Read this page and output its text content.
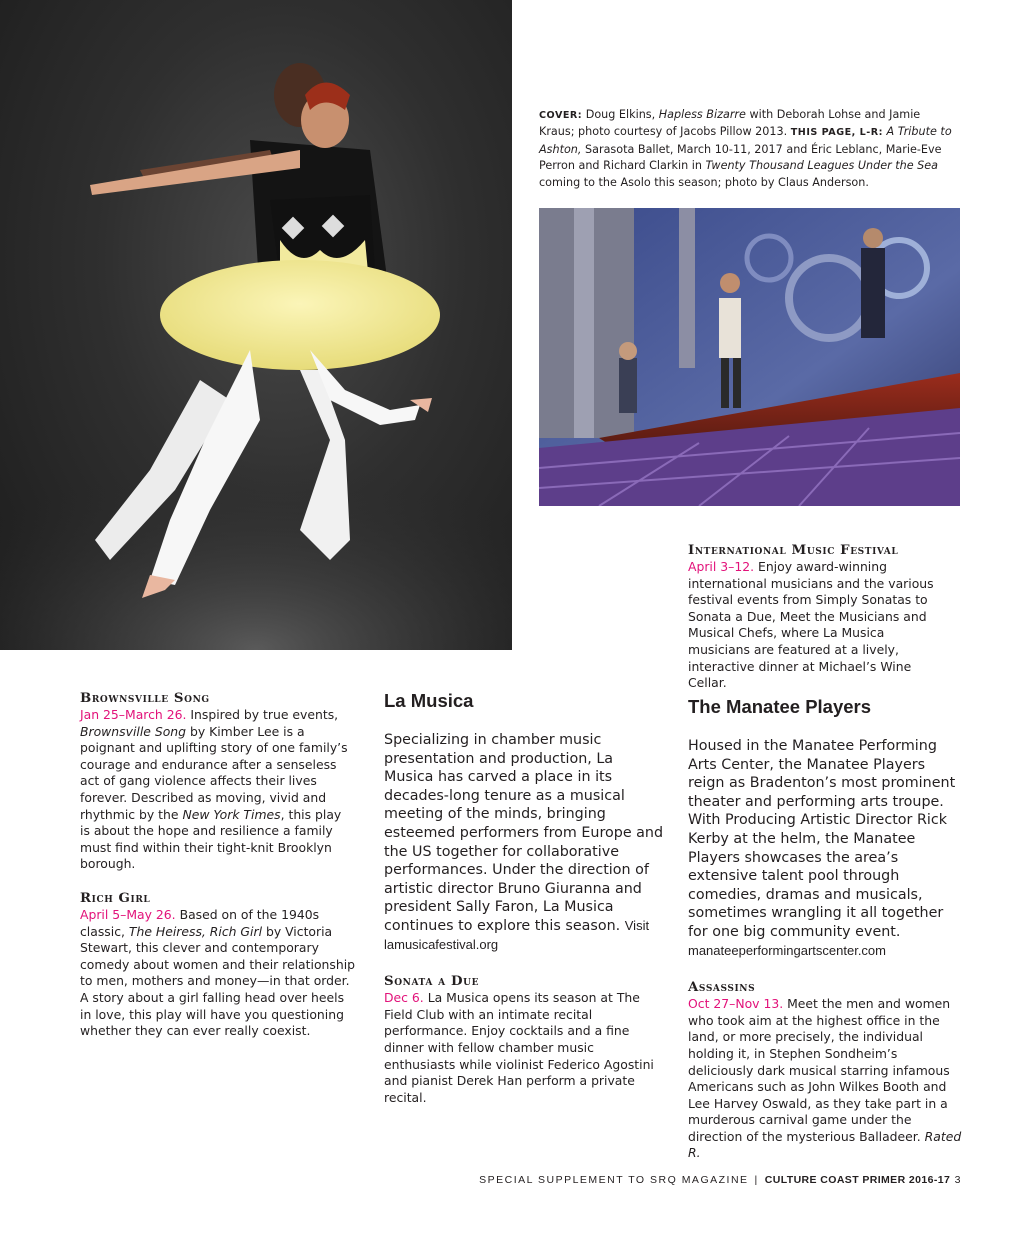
COVER: Doug Elkins, Hapless Bizarre with Deborah Lohse and Jamie Kraus; photo courtesy of Jacobs Pillow 2013. THIS PAGE, L-R: A Tribute to Ashton, Sarasota Ballet, March 10-11, 2017 and Éric Leblanc, Marie-Eve Perron and Richard Clarkin in Twenty Thousand Leagues Under the Sea coming to the Asolo this season; photo by Claus Anderson.
Brownsville Song

Jan 25–March 26. Inspired by true events, Brownsville Song by Kimber Lee is a poignant and uplifting story of one family’s courage and endurance after a senseless act of gang violence affects their lives forever. Described as moving, vivid and rhythmic by the New York Times, this play is about the hope and resilience a family must find within their tight-knit Brooklyn borough.

Rich Girl

April 5–May 26. Based on of the 1940s classic, The Heiress, Rich Girl by Victoria Stewart, this clever and contemporary comedy about women and their relationship to men, mothers and money—in that order. A story about a girl falling head over heels in love, this play will have you questioning whether they can ever really coexist.

La Musica

Specializing in chamber music presentation and production, La Musica has carved a place in its decades-long tenure as a musical meeting of the minds, bringing esteemed performers from Europe and the US together for collaborative performances. Under the direction of artistic director Bruno Giuranna and president Sally Faron, La Musica continues to explore this season. Visit lamusicafestival.org

Sonata a Due

Dec 6. La Musica opens its season at The Field Club with an intimate recital performance. Enjoy cocktails and a fine dinner with fellow chamber music enthusiasts while violinist Federico Agostini and pianist Derek Han perform a private recital.

International Music Festival

April 3–12. Enjoy award-winning international musicians and the various festival events from Simply Sonatas to Sonata a Due, Meet the Musicians and Musical Chefs, where La Musica musicians are featured at a lively, interactive dinner at Michael’s Wine Cellar.

The Manatee Players

Housed in the Manatee Performing Arts Center, the Manatee Players reign as Bradenton’s most prominent theater and performing arts troupe. With Producing Artistic Director Rick Kerby at the helm, the Manatee Players showcases the area’s extensive talent pool through comedies, dramas and musicals, sometimes wrangling it all together for one big community event. manateeperformingartscenter.com

Assassins

Oct 27–Nov 13. Meet the men and women who took aim at the highest office in the land, or more precisely, the individual holding it, in Stephen Sondheim’s deliciously dark musical starring infamous Americans such as John Wilkes Booth and Lee Harvey Oswald, as they take part in a murderous carnival game under the direction of the mysterious Balladeer. Rated R.

SPECIAL SUPPLEMENT TO SRQ MAGAZINE | CULTURE COAST PRIMER 2016-17 3
